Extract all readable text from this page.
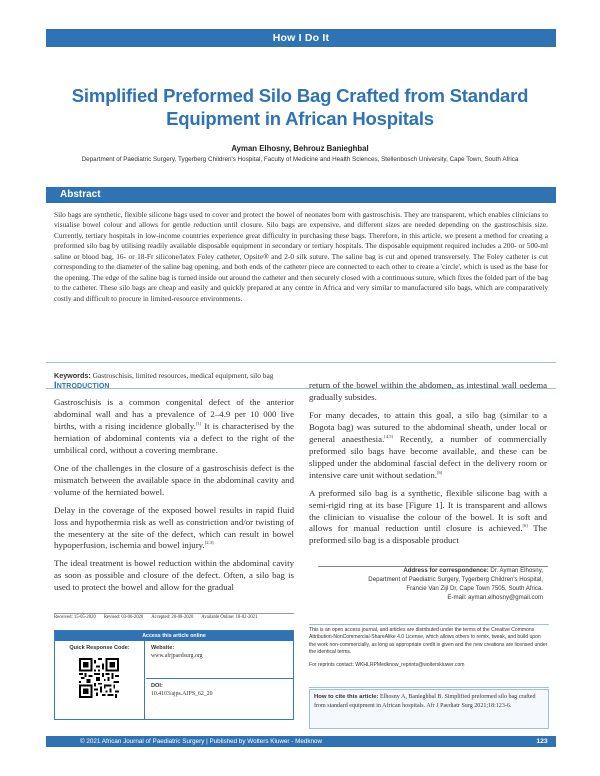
How I Do It
Simplified Preformed Silo Bag Crafted from Standard Equipment in African Hospitals
Ayman Elhosny, Behrouz Banieghbal
Department of Paediatric Surgery, Tygerberg Children's Hospital, Faculty of Medicine and Health Sciences, Stellenbosch University, Cape Town, South Africa
Abstract
Silo bags are synthetic, flexible silicone bags used to cover and protect the bowel of neonates born with gastroschisis. They are transparent, which enables clinicians to visualise bowel colour and allows for gentle reduction until closure. Silo bags are expensive, and different sizes are needed depending on the gastroschisis size. Currently, tertiary hospitals in low-income countries experience great difficulty in purchasing these bags. Therefore, in this article, we present a method for creating a preformed silo bag by utilising readily available disposable equipment in secondary or tertiary hospitals. The disposable equipment required includes a 200- or 500-ml saline or blood bag, 16- or 18-Fr silicone/latex Foley catheter, Opsite® and 2-0 silk suture. The saline bag is cut and opened transversely. The Foley catheter is cut corresponding to the diameter of the saline bag opening, and both ends of the catheter piece are connected to each other to create a 'circle', which is used as the base for the opening. The edge of the saline bag is turned inside out around the catheter and then securely closed with a continuous suture, which fixes the folded part of the bag to the catheter. These silo bags are cheap and easily and quickly prepared at any centre in Africa and very similar to manufactured silo bags, which are comparatively costly and difficult to procure in limited-resource environments.
Keywords: Gastroschisis, limited resources, medical equipment, silo bag
Introduction

Gastroschisis is a common congenital defect of the anterior abdominal wall and has a prevalence of 2–4.9 per 10 000 live births, with a rising incidence globally.[1] It is characterised by the herniation of abdominal contents via a defect to the right of the umbilical cord, without a covering membrane.

One of the challenges in the closure of a gastroschisis defect is the mismatch between the available space in the abdominal cavity and volume of the herniated bowel.

Delay in the coverage of the exposed bowel results in rapid fluid loss and hypothermia risk as well as constriction and/or twisting of the mesentery at the site of the defect, which can result in bowel hypoperfusion, ischemia and bowel injury.[2,3]

The ideal treatment is bowel reduction within the abdominal cavity as soon as possible and closure of the defect. Often, a silo bag is used to protect the bowel and allow for the gradual

return of the bowel within the abdomen, as intestinal wall oedema gradually subsides.

For many decades, to attain this goal, a silo bag (similar to a Bogota bag) was sutured to the abdominal sheath, under local or general anaesthesia.[4,5] Recently, a number of commercially preformed silo bags have become available, and these can be slipped under the abdominal fascial defect in the delivery room or intensive care unit without sedation.[6]

A preformed silo bag is a synthetic, flexible silicone bag with a semi-rigid ring at its base [Figure 1]. It is transparent and allows the clinician to visualise the colour of the bowel. It is soft and allows for manual reduction until closure is achieved.[6] The preformed silo bag is a disposable product

Address for correspondence: Dr. Ayman Elhosny,
Department of Paediatric Surgery, Tygerberg Children's Hospital,
Francie Van Zijl Dr, Cape Town 7505, South Africa.
E-mail: ayman.elhosny@gmail.com
Received: 15-05-2020 Revised: 03-06-2020 Accepted: 20-08-2020 Available Online: 18-02-2021
Access this article online
Quick Response Code:	Website:
www.afrjpaedsurg.org
DOI:
10.4103/ajps.AJPS_62_20
This is an open access journal, and articles are distributed under the terms of the Creative Commons Attribution-NonCommercial-ShareAlike 4.0 License, which allows others to remix, tweak, and build upon the work non-commercially, as long as appropriate credit is given and the new creations are licensed under the identical terms.
For reprints contact: WKHLRPMedknow_reprints@wolterskluwer.com
How to cite this article: Elhosny A, Banieghbal B. Simplified preformed silo bag crafted from standard equipment in African hospitals. Afr J Paediatr Surg 2021;18:123-6.
© 2021 African Journal of Paediatric Surgery | Published by Wolters Kluwer - Medknow	123
